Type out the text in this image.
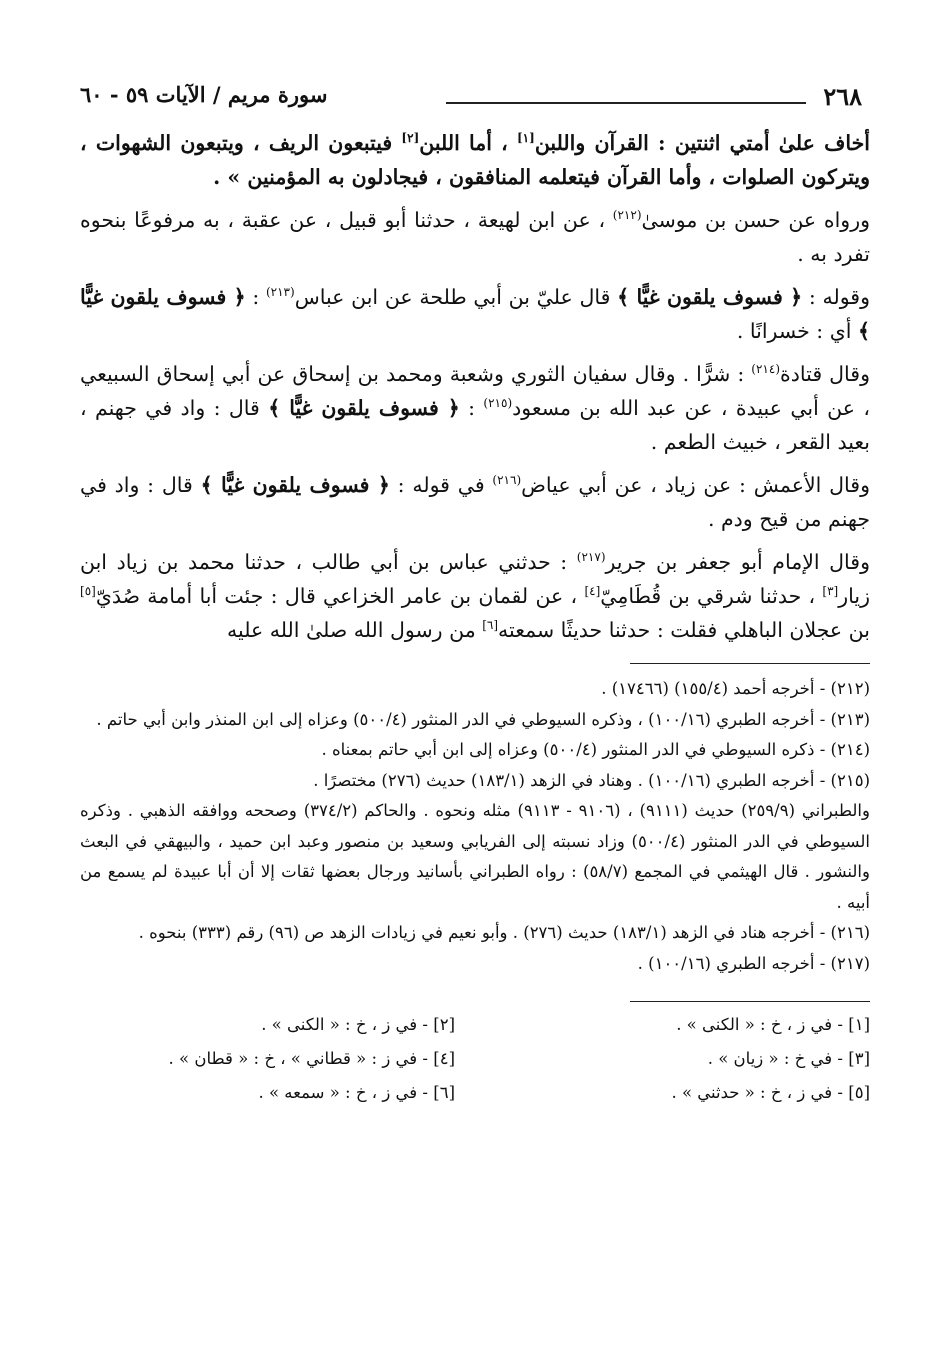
٢٦٨
سورة مريم / الآيات ٥٩ - ٦٠

أخاف علىٰ أمتي اثنتين : القرآن واللبن[١] ، أما اللبن[٢] فيتبعون الريف ، ويتبعون الشهوات ، ويتركون الصلوات ، وأما القرآن فيتعلمه المنافقون ، فيجادلون به المؤمنين » .

ورواه عن حسن بن موسىٰ$^{(٢١٢)}$ ، عن ابن لهيعة ، حدثنا أبو قبيل ، عن عقبة ، به مرفوعًا بنحوه تفرد به .

وقوله : ﴿ فسوف يلقون غيًّا ﴾ قال عليّ بن أبي طلحة عن ابن عباس$^{(٢١٣)}$ : ﴿ فسوف يلقون غيًّا ﴾ أي : خسرانًا .

وقال قتادة$^{(٢١٤)}$ : شرًّا . وقال سفيان الثوري وشعبة ومحمد بن إسحاق عن أبي إسحاق السبيعي ، عن أبي عبيدة ، عن عبد الله بن مسعود$^{(٢١٥)}$ : ﴿ فسوف يلقون غيًّا ﴾ قال : واد في جهنم ، بعيد القعر ، خبيث الطعم .

وقال الأعمش : عن زياد ، عن أبي عياض$^{(٢١٦)}$ في قوله : ﴿ فسوف يلقون غيًّا ﴾ قال : واد في جهنم من قيح ودم .

وقال الإمام أبو جعفر بن جرير$^{(٢١٧)}$ : حدثني عباس بن أبي طالب ، حدثنا محمد بن زياد ابن زيار[٣] ، حدثنا شرقي بن قُطَامِيّ[٤] ، عن لقمان بن عامر الخزاعي قال : جئت أبا أمامة صُدَيّ[٥] بن عجلان الباهلي فقلت : حدثنا حديثًا سمعته[٦] من رسول الله صلىٰ الله عليه

(٢١٢) - أخرجه أحمد (١٥٥/٤) (١٧٤٦٦) .

(٢١٣) - أخرجه الطبري (١٠٠/١٦) ، وذكره السيوطي في الدر المنثور (٥٠٠/٤) وعزاه إلى ابن المنذر وابن أبي حاتم .

(٢١٤) - ذكره السيوطي في الدر المنثور (٥٠٠/٤) وعزاه إلى ابن أبي حاتم بمعناه .

(٢١٥) - أخرجه الطبري (١٠٠/١٦) . وهناد في الزهد (١٨٣/١) حديث (٢٧٦) مختصرًا .

والطبراني (٢٥٩/٩) حديث (٩١١١) ، (٩١٠٦ - ٩١١٣) مثله ونحوه . والحاكم (٣٧٤/٢) وصححه ووافقه الذهبي . وذكره السيوطي في الدر المنثور (٥٠٠/٤) وزاد نسبته إلى الفريابي وسعيد بن منصور وعبد ابن حميد ، والبيهقي في البعث والنشور . قال الهيثمي في المجمع (٥٨/٧) : رواه الطبراني بأسانيد ورجال بعضها ثقات إلا أن أبا عبيدة لم يسمع من أبيه .

(٢١٦) - أخرجه هناد في الزهد (١٨٣/١) حديث (٢٧٦) . وأبو نعيم في زيادات الزهد ص (٩٦) رقم (٣٣٣) بنحوه .

(٢١٧) - أخرجه الطبري (١٠٠/١٦) .

[١] - في ز ، خ : « الكنى » .
[٢] - في ز ، خ : « الكنى » .
[٣] - في خ : « زيان » .
[٤] - في ز : « قطاني » ، خ : « قطان » .
[٥] - في ز ، خ : « حدثني » .
[٦] - في ز ، خ : « سمعه » .
